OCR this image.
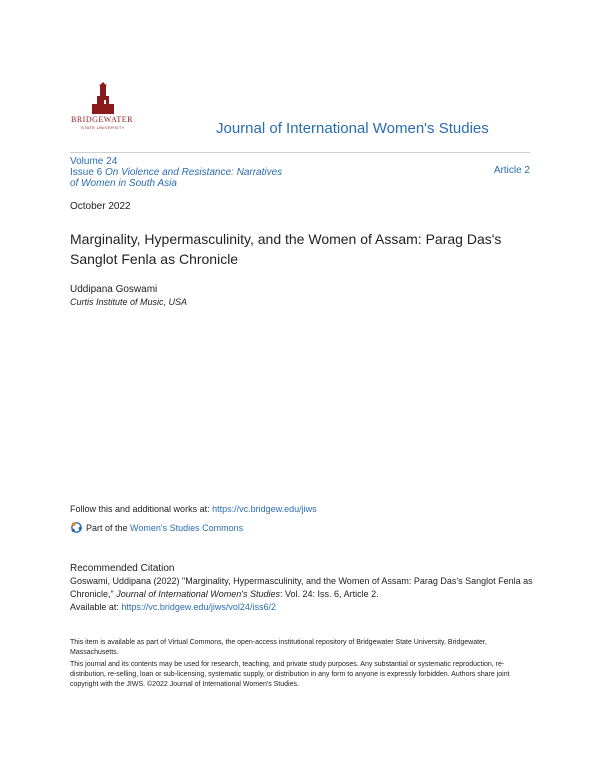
BRIDGEWATER
STATE UNIVERSITY	Journal of International Women's Studies
Volume 24
Issue 6 On Violence and Resistance: Narratives
of Women in South Asia
Article 2
October 2022
Marginality, Hypermasculinity, and the Women of Assam: Parag Das's Sanglot Fenla as Chronicle
Uddipana Goswami
Curtis Institute of Music, USA
Follow this and additional works at: https://vc.bridgew.edu/jiws
Part of the Women's Studies Commons
Recommended Citation
Goswami, Uddipana (2022) "Marginality, Hypermasculinity, and the Women of Assam: Parag Das's Sanglot Fenla as Chronicle," Journal of International Women's Studies: Vol. 24: Iss. 6, Article 2.
Available at: https://vc.bridgew.edu/jiws/vol24/iss6/2
This item is available as part of Virtual Commons, the open-access institutional repository of Bridgewater State University, Bridgewater, Massachusetts.
This journal and its contents may be used for research, teaching, and private study purposes. Any substantial or systematic reproduction, re-distribution, re-selling, loan or sub-licensing, systematic supply, or distribution in any form to anyone is expressly forbidden. Authors share joint copyright with the JIWS. ©2022 Journal of International Women's Studies.
